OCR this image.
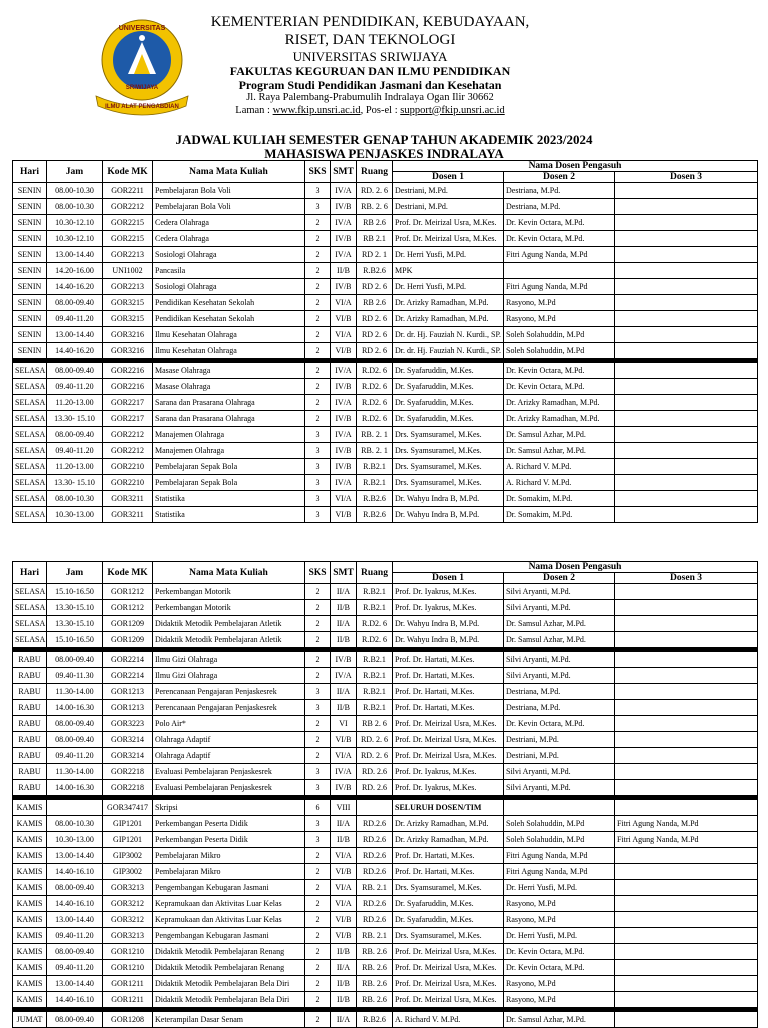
UNIVERSITAS
SRIWIJAYA
ILMU ALAT PENGABDIAN
KEMENTERIAN PENDIDIKAN, KEBUDAYAAN,
RISET, DAN TEKNOLOGI
UNIVERSITAS SRIWIJAYA
FAKULTAS KEGURUAN DAN ILMU PENDIDIKAN
Program Studi Pendidikan Jasmani dan Kesehatan
Jl. Raya Palembang-Prabumulih Indralaya Ogan Ilir 30662
Laman : www.fkip.unsri.ac.id, Pos-el : support@fkip.unsri.ac.id
JADWAL KULIAH SEMESTER GENAP TAHUN AKADEMIK 2023/2024
MAHASISWA PENJASKES INDRALAYA
Hari	Jam	Kode MK	Nama Mata Kuliah	SKS	SMT	Ruang	Nama Dosen Pengasuh		
							Dosen 1	Dosen 2	Dosen 3
SENIN	08.00-10.30	GOR2211	Pembelajaran Bola Voli	3	IV/A	RD. 2. 6	Destriani, M.Pd.	Destriana, M.Pd.	
SENIN	08.00-10.30	GOR2212	Pembelajaran Bola Voli	3	IV/B	RB. 2. 6	Destriani, M.Pd.	Destriana, M.Pd.	
SENIN	10.30-12.10	GOR2215	Cedera Olahraga	2	IV/A	RB 2.6	Prof. Dr. Meirizal Usra, M.Kes.	Dr. Kevin Octara, M.Pd.	
SENIN	10.30-12.10	GOR2215	Cedera Olahraga	2	IV/B	RB 2.1	Prof. Dr. Meirizal Usra, M.Kes.	Dr. Kevin Octara, M.Pd.	
SENIN	13.00-14.40	GOR2213	Sosiologi Olahraga	2	IV/A	RD 2. 1	Dr. Herri Yusfi, M.Pd.	Fitri Agung Nanda, M.Pd	
SENIN	14.20-16.00	UNI1002	Pancasila	2	II/B	R.B2.6	MPK		
SENIN	14.40-16.20	GOR2213	Sosiologi Olahraga	2	IV/B	RD 2. 6	Dr. Herri Yusfi, M.Pd.	Fitri Agung Nanda, M.Pd	
SENIN	08.00-09.40	GOR3215	Pendidikan Kesehatan Sekolah	2	VI/A	RB 2.6	Dr. Arizky Ramadhan, M.Pd.	Rasyono, M.Pd	
SENIN	09.40-11.20	GOR3215	Pendidikan Kesehatan Sekolah	2	VI/B	RD 2. 6	Dr. Arizky Ramadhan, M.Pd.	Rasyono, M.Pd	
SENIN	13.00-14.40	GOR3216	Ilmu Kesehatan Olahraga	2	VI/A	RD 2. 6	Dr. dr. Hj. Fauziah N. Kurdi., SP.	Soleh Solahuddin, M.Pd	
SENIN	14.40-16.20	GOR3216	Ilmu Kesehatan Olahraga	2	VI/B	RD 2. 6	Dr. dr. Hj. Fauziah N. Kurdi., SP.	Soleh Solahuddin, M.Pd	

SELASA	08.00-09.40	GOR2216	Masase Olahraga	2	IV/A	R.D2. 6	Dr. Syafaruddin, M.Kes.	Dr. Kevin Octara, M.Pd.	
SELASA	09.40-11.20	GOR2216	Masase Olahraga	2	IV/B	R.D2. 6	Dr. Syafaruddin, M.Kes.	Dr. Kevin Octara, M.Pd.	
SELASA	11.20-13.00	GOR2217	Sarana dan Prasarana Olahraga	2	IV/A	R.D2. 6	Dr. Syafaruddin, M.Kes.	Dr. Arizky Ramadhan, M.Pd.	
SELASA	13.30- 15.10	GOR2217	Sarana dan Prasarana Olahraga	2	IV/B	R.D2. 6	Dr. Syafaruddin, M.Kes.	Dr. Arizky Ramadhan, M.Pd.	
SELASA	08.00-09.40	GOR2212	Manajemen Olahraga	3	IV/A	RB. 2. 1	Drs. Syamsuramel, M.Kes.	Dr. Samsul Azhar, M.Pd.	
SELASA	09.40-11.20	GOR2212	Manajemen Olahraga	3	IV/B	RB. 2. 1	Drs. Syamsuramel, M.Kes.	Dr. Samsul Azhar, M.Pd.	
SELASA	11.20-13.00	GOR2210	Pembelajaran Sepak Bola	3	IV/B	R.B2.1	Drs. Syamsuramel, M.Kes.	A. Richard V. M.Pd.	
SELASA	13.30- 15.10	GOR2210	Pembelajaran Sepak Bola	3	IV/A	R.B2.1	Drs. Syamsuramel, M.Kes.	A. Richard V. M.Pd.	
SELASA	08.00-10.30	GOR3211	Statistika	3	VI/A	R.B2.6	Dr. Wahyu Indra B, M.Pd.	Dr. Somakim, M.Pd.	
SELASA	10.30-13.00	GOR3211	Statistika	3	VI/B	R.B2.6	Dr. Wahyu Indra B, M.Pd.	Dr. Somakim, M.Pd.	
Hari	Jam	Kode MK	Nama Mata Kuliah	SKS	SMT	Ruang	Nama Dosen Pengasuh		
							Dosen 1	Dosen 2	Dosen 3
SELASA	15.10-16.50	GOR1212	Perkembangan Motorik	2	II/A	R.B2.1	Prof. Dr. Iyakrus, M.Kes.	Silvi Aryanti, M.Pd.	
SELASA	13.30-15.10	GOR1212	Perkembangan Motorik	2	II/B	R.B2.1	Prof. Dr. Iyakrus, M.Kes.	Silvi Aryanti, M.Pd.	
SELASA	13.30-15.10	GOR1209	Didaktik Metodik Pembelajaran Atletik	2	II/A	R.D2. 6	Dr. Wahyu Indra B, M.Pd.	Dr. Samsul Azhar, M.Pd.	
SELASA	15.10-16.50	GOR1209	Didaktik Metodik Pembelajaran Atletik	2	II/B	R.D2. 6	Dr. Wahyu Indra B, M.Pd.	Dr. Samsul Azhar, M.Pd.	

RABU	08.00-09.40	GOR2214	Ilmu Gizi Olahraga	2	IV/B	R.B2.1	Prof. Dr. Hartati, M.Kes.	Silvi Aryanti, M.Pd.	
RABU	09.40-11.30	GOR2214	Ilmu Gizi Olahraga	2	IV/A	R.B2.1	Prof. Dr. Hartati, M.Kes.	Silvi Aryanti, M.Pd.	
RABU	11.30-14.00	GOR1213	Perencanaan Pengajaran Penjaskesrek	3	II/A	R.B2.1	Prof. Dr. Hartati, M.Kes.	Destriana, M.Pd.	
RABU	14.00-16.30	GOR1213	Perencanaan Pengajaran Penjaskesrek	3	II/B	R.B2.1	Prof. Dr. Hartati, M.Kes.	Destriana, M.Pd.	
RABU	08.00-09.40	GOR3223	Polo Air*	2	VI	RB 2. 6	Prof. Dr. Meirizal Usra, M.Kes.	Dr. Kevin Octara, M.Pd.	
RABU	08.00-09.40	GOR3214	Olahraga Adaptif	2	VI/B	RD. 2. 6	Prof. Dr. Meirizal Usra, M.Kes.	Destriani, M.Pd.	
RABU	09.40-11.20	GOR3214	Olahraga Adaptif	2	VI/A	RD. 2. 6	Prof. Dr. Meirizal Usra, M.Kes.	Destriani, M.Pd.	
RABU	11.30-14.00	GOR2218	Evaluasi Pembelajaran Penjaskesrek	3	IV/A	RD. 2.6	Prof. Dr. Iyakrus, M.Kes.	Silvi Aryanti, M.Pd.	
RABU	14.00-16.30	GOR2218	Evaluasi Pembelajaran Penjaskesrek	3	IV/B	RD. 2.6	Prof. Dr. Iyakrus, M.Kes.	Silvi Aryanti, M.Pd.	

KAMIS		GOR347417	Skripsi	6	VIII		SELURUH DOSEN/TIM		
KAMIS	08.00-10.30	GIP1201	Perkembangan Peserta Didik	3	II/A	RD.2.6	Dr. Arizky Ramadhan, M.Pd.	Soleh Solahuddin, M.Pd	Fitri Agung Nanda, M.Pd
KAMIS	10.30-13.00	GIP1201	Perkembangan Peserta Didik	3	II/B	RD.2.6	Dr. Arizky Ramadhan, M.Pd.	Soleh Solahuddin, M.Pd	Fitri Agung Nanda, M.Pd
KAMIS	13.00-14.40	GIP3002	Pembelajaran Mikro	2	VI/A	RD.2.6	Prof. Dr. Hartati, M.Kes.	Fitri Agung Nanda, M.Pd	
KAMIS	14.40-16.10	GIP3002	Pembelajaran Mikro	2	VI/B	RD.2.6	Prof. Dr. Hartati, M.Kes.	Fitri Agung Nanda, M.Pd	
KAMIS	08.00-09.40	GOR3213	Pengembangan Kebugaran Jasmani	2	VI/A	RB. 2.1	Drs. Syamsuramel, M.Kes.	Dr. Herri Yusfi, M.Pd.	
KAMIS	14.40-16.10	GOR3212	Kepramukaan dan Aktivitas Luar Kelas	2	VI/A	RD.2.6	Dr. Syafaruddin, M.Kes.	Rasyono, M.Pd	
KAMIS	13.00-14.40	GOR3212	Kepramukaan dan Aktivitas Luar Kelas	2	VI/B	RD.2.6	Dr. Syafaruddin, M.Kes.	Rasyono, M.Pd	
KAMIS	09.40-11.20	GOR3213	Pengembangan Kebugaran Jasmani	2	VI/B	RB. 2.1	Drs. Syamsuramel, M.Kes.	Dr. Herri Yusfi, M.Pd.	
KAMIS	08.00-09.40	GOR1210	Didaktik Metodik Pembelajaran Renang	2	II/B	RB. 2.6	Prof. Dr. Meirizal Usra, M.Kes.	Dr. Kevin Octara, M.Pd.	
KAMIS	09.40-11.20	GOR1210	Didaktik Metodik Pembelajaran Renang	2	II/A	RB. 2.6	Prof. Dr. Meirizal Usra, M.Kes.	Dr. Kevin Octara, M.Pd.	
KAMIS	13.00-14.40	GOR1211	Didaktik Metodik Pembelajaran Bela Diri	2	II/B	RB. 2.6	Prof. Dr. Meirizal Usra, M.Kes.	Rasyono, M.Pd	
KAMIS	14.40-16.10	GOR1211	Didaktik Metodik Pembelajaran Bela Diri	2	II/B	RB. 2.6	Prof. Dr. Meirizal Usra, M.Kes.	Rasyono, M.Pd	

JUMAT	08.00-09.40	GOR1208	Keterampilan Dasar Senam	2	II/A	R.B2.6	A. Richard V. M.Pd.	Dr. Samsul Azhar, M.Pd.	
